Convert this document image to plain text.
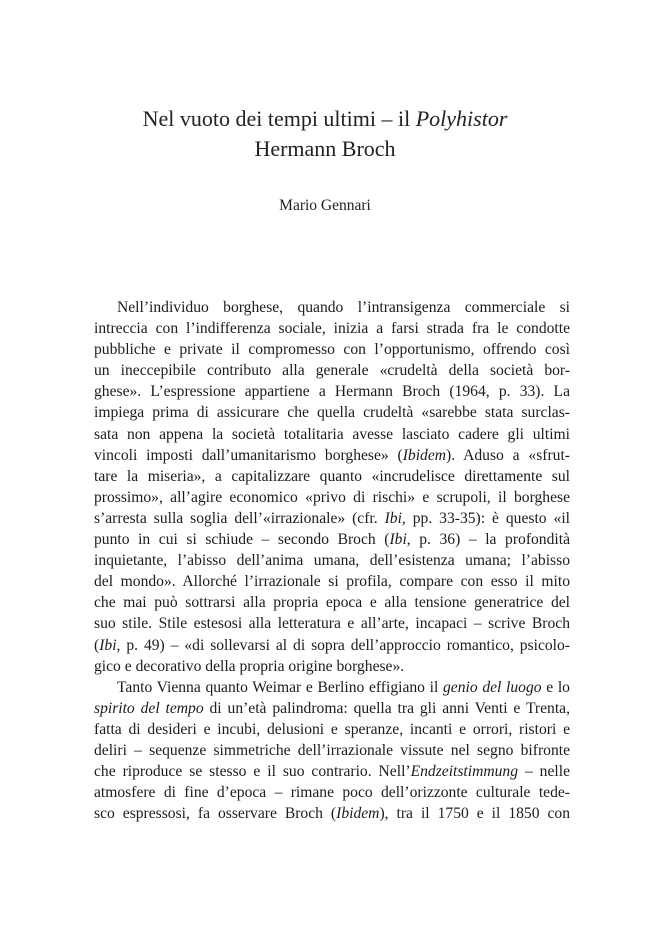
Nel vuoto dei tempi ultimi – il Polyhistor
Hermann Broch
Mario Gennari
Nell’individuo borghese, quando l’intransigenza commerciale si
intreccia con l’indifferenza sociale, inizia a farsi strada fra le condotte
pubbliche e private il compromesso con l’opportunismo, offrendo così
un ineccepibile contributo alla generale «crudeltà della società bor-
ghese». L’espressione appartiene a Hermann Broch (1964, p. 33). La
impiega prima di assicurare che quella crudeltà «sarebbe stata surclas-
sata non appena la società totalitaria avesse lasciato cadere gli ultimi
vincoli imposti dall’umanitarismo borghese» (Ibidem). Aduso a «sfrut-
tare la miseria», a capitalizzare quanto «incrudelisce direttamente sul
prossimo», all’agire economico «privo di rischi» e scrupoli, il borghese
s’arresta sulla soglia dell’«irrazionale» (cfr. Ibi, pp. 33-35): è questo «il
punto in cui si schiude – secondo Broch (Ibi, p. 36) – la profondità
inquietante, l’abisso dell’anima umana, dell’esistenza umana; l’abisso
del mondo». Allorché l’irrazionale si profila, compare con esso il mito
che mai può sottrarsi alla propria epoca e alla tensione generatrice del
suo stile. Stile estesosi alla letteratura e all’arte, incapaci – scrive Broch
(Ibi, p. 49) – «di sollevarsi al di sopra dell’approccio romantico, psicolo-
gico e decorativo della propria origine borghese».
Tanto Vienna quanto Weimar e Berlino effigiano il genio del luogo e lo
spirito del tempo di un’età palindroma: quella tra gli anni Venti e Trenta,
fatta di desideri e incubi, delusioni e speranze, incanti e orrori, ristori e
deliri – sequenze simmetriche dell’irrazionale vissute nel segno bifronte
che riproduce se stesso e il suo contrario. Nell’Endzeitstimmung – nelle
atmosfere di fine d’epoca – rimane poco dell’orizzonte culturale tede-
sco espressosi, fa osservare Broch (Ibidem), tra il 1750 e il 1850 con
